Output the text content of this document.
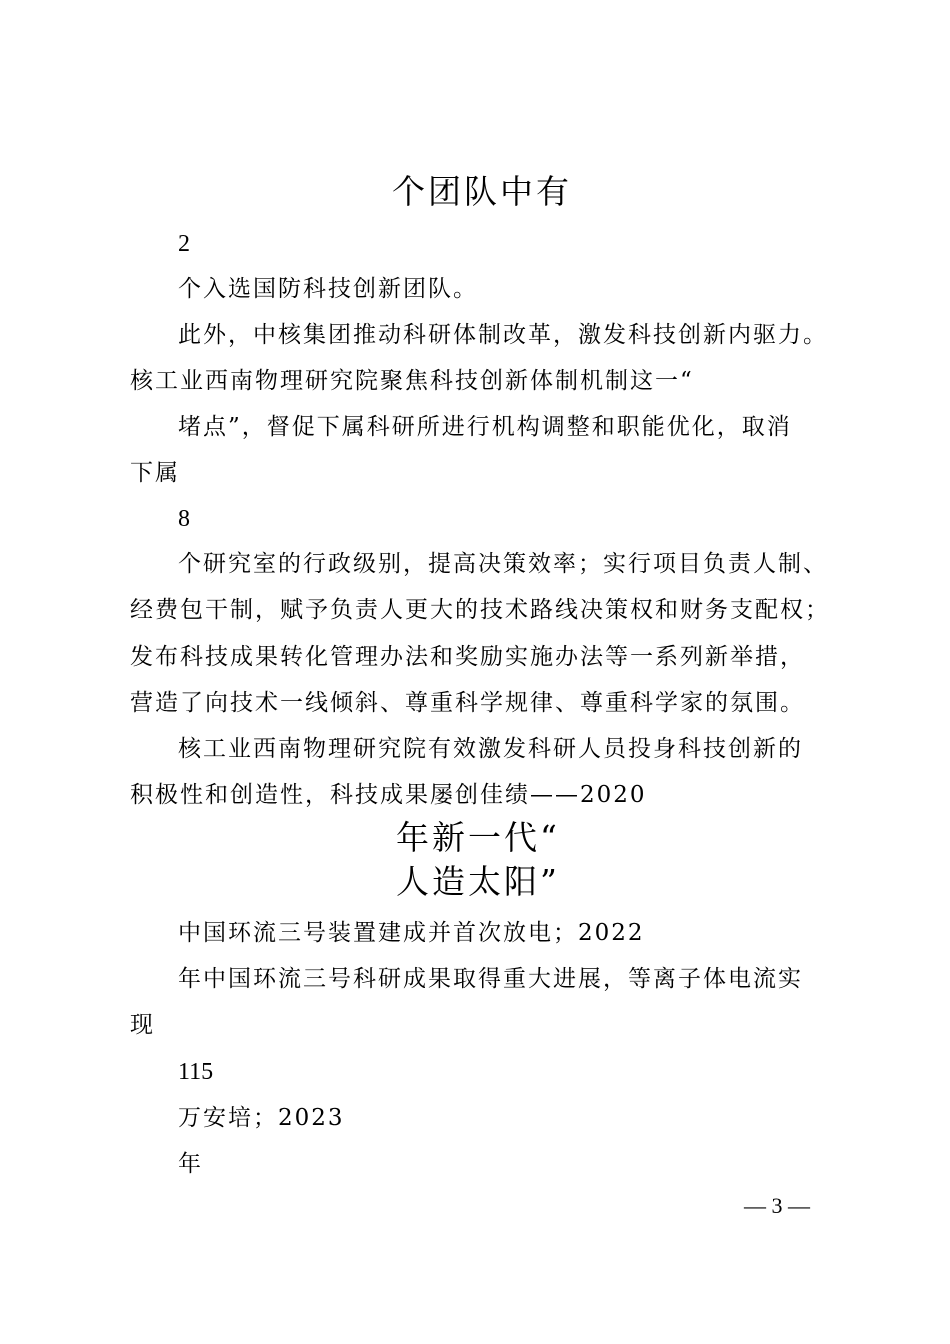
个团队中有
2
个入选国防科技创新团队。
此外，中核集团推动科研体制改革，激发科技创新内驱力。
核工业西南物理研究院聚焦科技创新体制机制这一“
堵点”，督促下属科研所进行机构调整和职能优化，取消
下属
8
个研究室的行政级别，提高决策效率；实行项目负责人制、
经费包干制，赋予负责人更大的技术路线决策权和财务支配权；
发布科技成果转化管理办法和奖励实施办法等一系列新举措，
营造了向技术一线倾斜、尊重科学规律、尊重科学家的氛围。
核工业西南物理研究院有效激发科研人员投身科技创新的
积极性和创造性，科技成果屡创佳绩——2020
年新一代“
人造太阳”
中国环流三号装置建成并首次放电；2022
年中国环流三号科研成果取得重大进展，等离子体电流实
现
115
万安培；2023
年
— 3 —
